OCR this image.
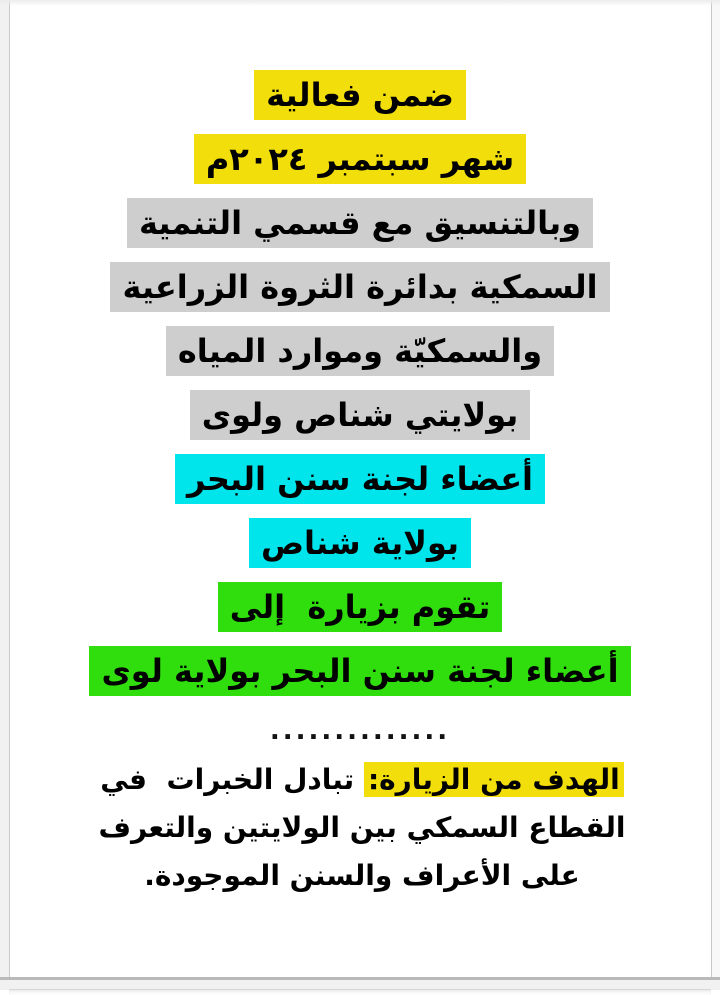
ضمن فعالية
شهر سبتمبر ٢٠٢٤م
وبالتنسيق مع قسمي التنمية
السمكية بدائرة الثروة الزراعية
والسمكيّة وموارد المياه
بولايتي شناص ولوى
أعضاء لجنة سنن البحر
بولاية شناص
تقوم بزيارة  إلى
أعضاء لجنة سنن البحر بولاية لوى
..............

الهدف من الزيارة: تبادل الخبرات  في القطاع السمكي بين الولايتين والتعرف على الأعراف والسنن الموجودة.
